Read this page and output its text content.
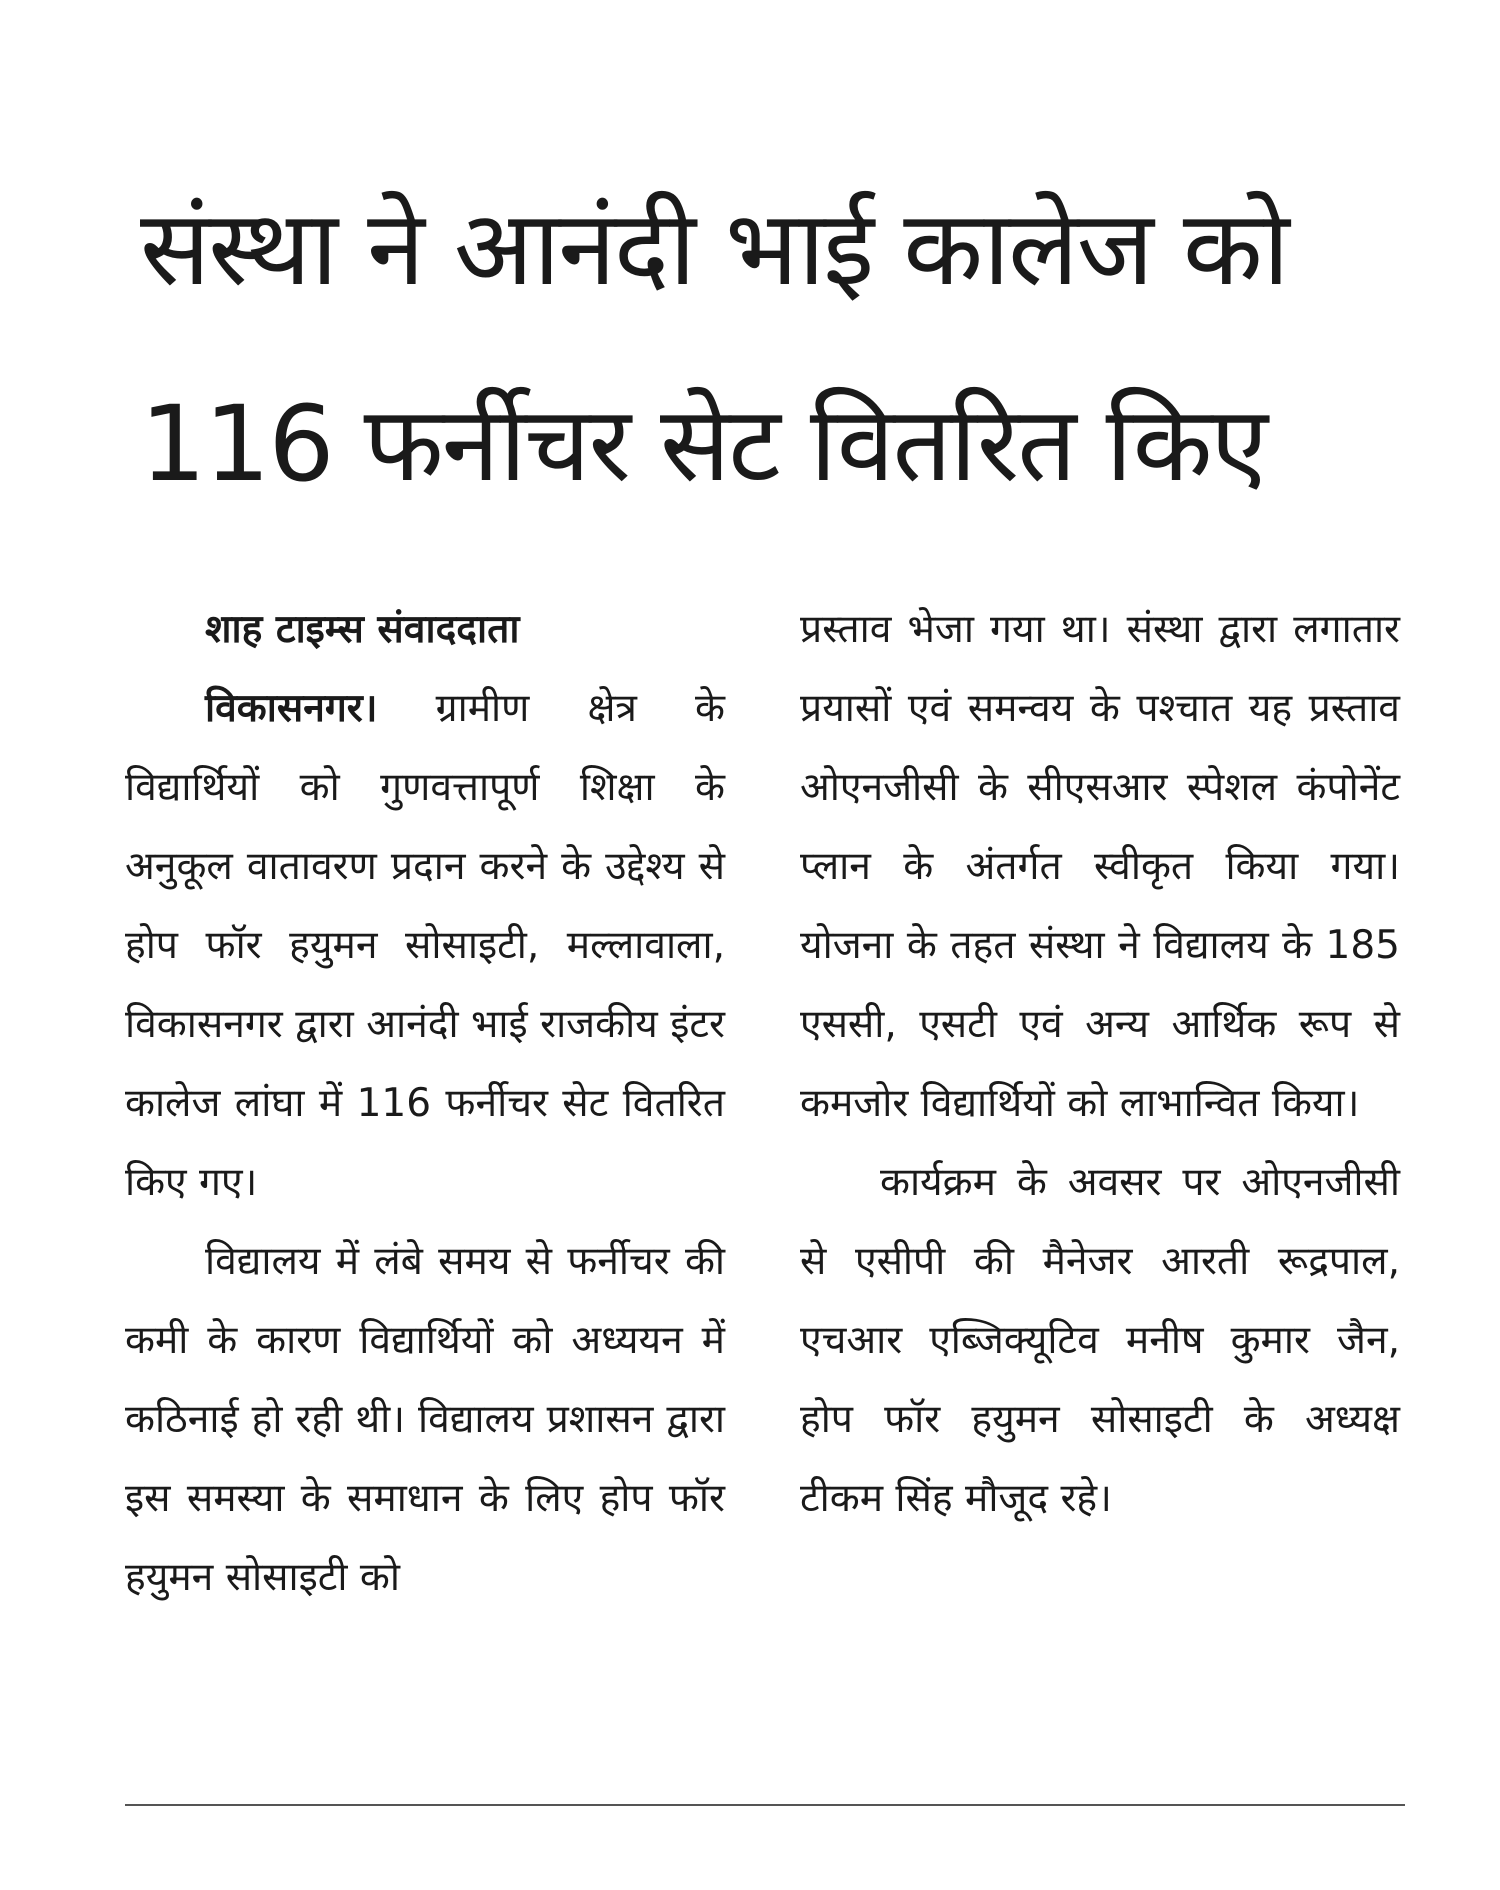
संस्था ने आनंदी भाई कालेज को
116 फर्नीचर सेट वितरित किए
शाह टाइम्स संवाददाता

विकासनगर। ग्रामीण क्षेत्र के विद्यार्थियों को गुणवत्तापूर्ण शिक्षा के अनुकूल वातावरण प्रदान करने के उद्देश्य से होप फॉर हयुमन सोसाइटी, मल्लावाला, विकासनगर द्वारा आनंदी भाई राजकीय इंटर कालेज लांघा में 116 फर्नीचर सेट वितरित किए गए।

विद्यालय में लंबे समय से फर्नीचर की कमी के कारण विद्यार्थियों को अध्ययन में कठिनाई हो रही थी। विद्यालय प्रशासन द्वारा इस समस्या के समाधान के लिए होप फॉर हयुमन सोसाइटी को

प्रस्ताव भेजा गया था। संस्था द्वारा लगातार प्रयासों एवं समन्वय के पश्चात यह प्रस्ताव ओएनजीसी के सीएसआर स्पेशल कंपोनेंट प्लान के अंतर्गत स्वीकृत किया गया। योजना के तहत संस्था ने विद्यालय के 185 एससी, एसटी एवं अन्य आर्थिक रूप से कमजोर विद्यार्थियों को लाभान्वित किया।

कार्यक्रम के अवसर पर ओएनजीसी से एसीपी की मैनेजर आरती रूद्रपाल, एचआर एब्जिक्यूटिव मनीष कुमार जैन, होप फॉर हयुमन सोसाइटी के अध्यक्ष टीकम सिंह मौजूद रहे।
